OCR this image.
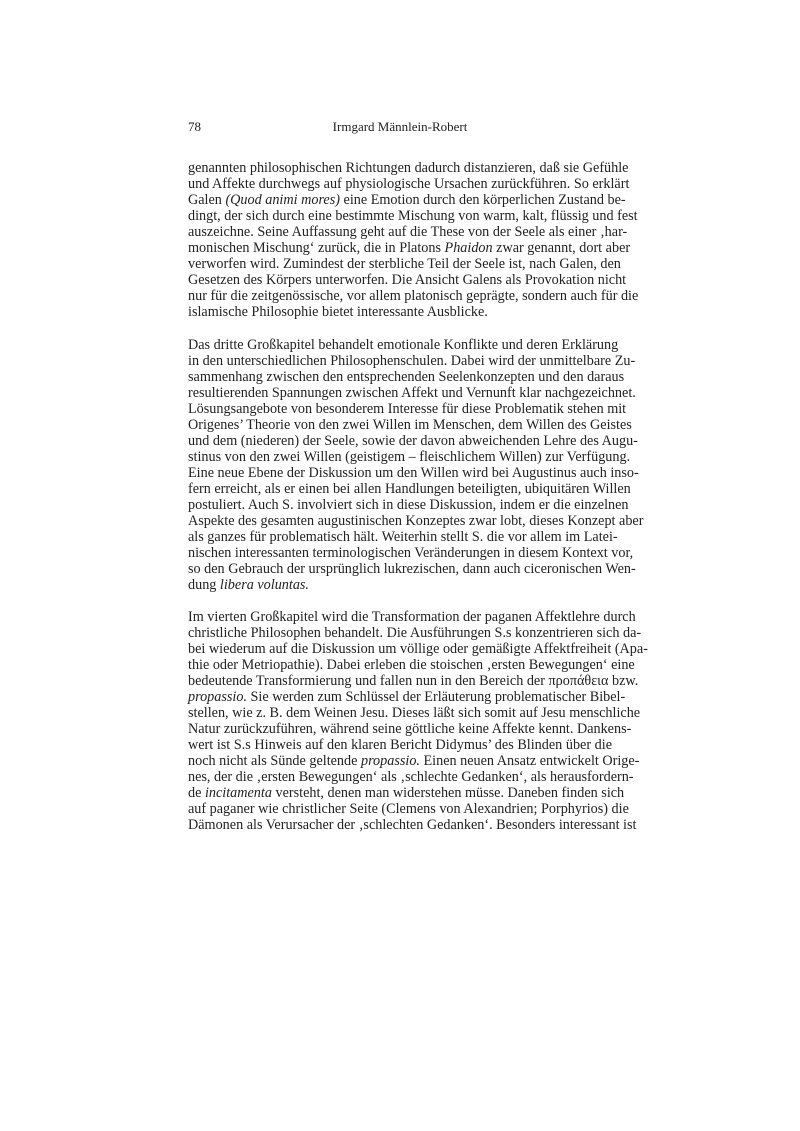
78	Irmgard Männlein-Robert
genannten philosophischen Richtungen dadurch distanzieren, daß sie Gefühle
und Affekte durchwegs auf physiologische Ursachen zurückführen. So erklärt
Galen (Quod animi mores) eine Emotion durch den körperlichen Zustand be-
dingt, der sich durch eine bestimmte Mischung von warm, kalt, flüssig und fest
auszeichne. Seine Auffassung geht auf die These von der Seele als einer ‚har-
monischen Mischung‘ zurück, die in Platons Phaidon zwar genannt, dort aber
verworfen wird. Zumindest der sterbliche Teil der Seele ist, nach Galen, den
Gesetzen des Körpers unterworfen. Die Ansicht Galens als Provokation nicht
nur für die zeitgenössische, vor allem platonisch geprägte, sondern auch für die
islamische Philosophie bietet interessante Ausblicke.
Das dritte Großkapitel behandelt emotionale Konflikte und deren Erklärung
in den unterschiedlichen Philosophenschulen. Dabei wird der unmittelbare Zu-
sammenhang zwischen den entsprechenden Seelenkonzepten und den daraus
resultierenden Spannungen zwischen Affekt und Vernunft klar nachgezeichnet.
Lösungsangebote von besonderem Interesse für diese Problematik stehen mit
Origenes’ Theorie von den zwei Willen im Menschen, dem Willen des Geistes
und dem (niederen) der Seele, sowie der davon abweichenden Lehre des Augu-
stinus von den zwei Willen (geistigem – fleischlichem Willen) zur Verfügung.
Eine neue Ebene der Diskussion um den Willen wird bei Augustinus auch inso-
fern erreicht, als er einen bei allen Handlungen beteiligten, ubiquitären Willen
postuliert. Auch S. involviert sich in diese Diskussion, indem er die einzelnen
Aspekte des gesamten augustinischen Konzeptes zwar lobt, dieses Konzept aber
als ganzes für problematisch hält. Weiterhin stellt S. die vor allem im Latei-
nischen interessanten terminologischen Veränderungen in diesem Kontext vor,
so den Gebrauch der ursprünglich lukrezischen, dann auch ciceronischen Wen-
dung libera voluntas.
Im vierten Großkapitel wird die Transformation der paganen Affektlehre durch
christliche Philosophen behandelt. Die Ausführungen S.s konzentrieren sich da-
bei wiederum auf die Diskussion um völlige oder gemäßigte Affektfreiheit (Apa-
thie oder Metriopathie). Dabei erleben die stoischen ‚ersten Bewegungen‘ eine
bedeutende Transformierung und fallen nun in den Bereich der προπάθεια bzw.
propassio. Sie werden zum Schlüssel der Erläuterung problematischer Bibel-
stellen, wie z. B. dem Weinen Jesu. Dieses läßt sich somit auf Jesu menschliche
Natur zurückzuführen, während seine göttliche keine Affekte kennt. Dankens-
wert ist S.s Hinweis auf den klaren Bericht Didymus’ des Blinden über die
noch nicht als Sünde geltende propassio. Einen neuen Ansatz entwickelt Orige-
nes, der die ‚ersten Bewegungen‘ als ‚schlechte Gedanken‘, als herausfordern-
de incitamenta versteht, denen man widerstehen müsse. Daneben finden sich
auf paganer wie christlicher Seite (Clemens von Alexandrien; Porphyrios) die
Dämonen als Verursacher der ‚schlechten Gedanken‘. Besonders interessant ist
